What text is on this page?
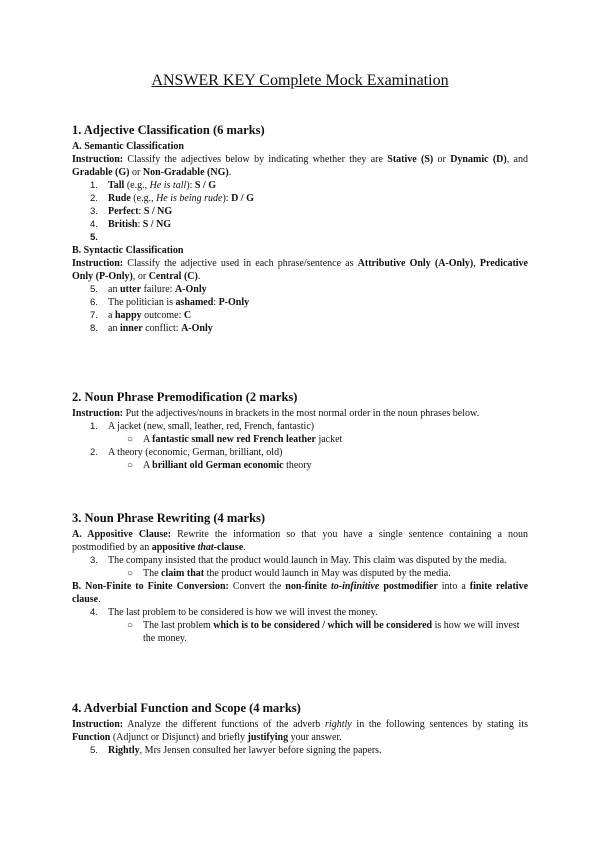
ANSWER KEY Complete Mock Examination
1. Adjective Classification (6 marks)
A. Semantic Classification
Instruction: Classify the adjectives below by indicating whether they are Stative (S) or Dynamic (D), and Gradable (G) or Non-Gradable (NG).
1. Tall (e.g., He is tall): S / G
2. Rude (e.g., He is being rude): D / G
3. Perfect: S / NG
4. British: S / NG
5.

B. Syntactic Classification
Instruction: Classify the adjective used in each phrase/sentence as Attributive Only (A-Only), Predicative Only (P-Only), or Central (C).
5. an utter failure: A-Only
6. The politician is ashamed: P-Only
7. a happy outcome: C
8. an inner conflict: A-Only
2. Noun Phrase Premodification (2 marks)
Instruction: Put the adjectives/nouns in brackets in the most normal order in the noun phrases below.
1. A jacket (new, small, leather, red, French, fantastic)
○ A fantastic small new red French leather jacket
2. A theory (economic, German, brilliant, old)
○ A brilliant old German economic theory
3. Noun Phrase Rewriting (4 marks)
A. Appositive Clause: Rewrite the information so that you have a single sentence containing a noun postmodified by an appositive that-clause.
3. The company insisted that the product would launch in May. This claim was disputed by the media.
○ The claim that the product would launch in May was disputed by the media.
B. Non-Finite to Finite Conversion: Convert the non-finite to-infinitive postmodifier into a finite relative clause.
4. The last problem to be considered is how we will invest the money.
○ The last problem which is to be considered / which will be considered is how we will invest the money.
4. Adverbial Function and Scope (4 marks)
Instruction: Analyze the different functions of the adverb rightly in the following sentences by stating its Function (Adjunct or Disjunct) and briefly justifying your answer.
5. Rightly, Mrs Jensen consulted her lawyer before signing the papers.
